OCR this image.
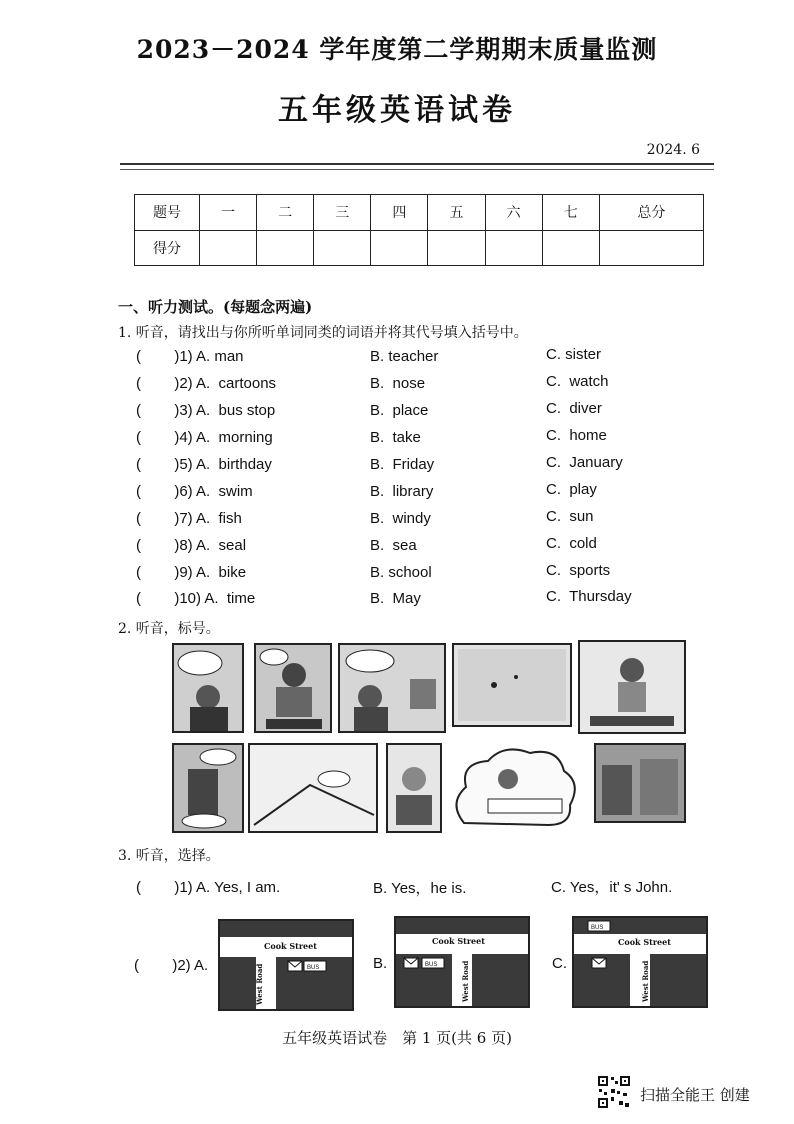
2023－2024 学年度第二学期期末质量监测
五年级英语试卷
2024. 6
题号	一	二	三	四	五	六	七	总分
得分								
一、听力测试。(每题念两遍)
1. 听音，请找出与你所听单词同类的词语并将其代号填入括号中。
(        )1) A. man	B. teacher	C. sister
(        )2) A.  cartoons	B.  nose	C.  watch
(        )3) A.  bus stop	B.  place	C.  diver
(        )4) A.  morning	B.  take	C.  home
(        )5) A.  birthday	B.  Friday	C.  January
(        )6) A.  swim	B.  library	C.  play
(        )7) A.  fish	B.  windy	C.  sun
(        )8) A.  seal	B.  sea	C.  cold
(        )9) A.  bike	B. school	C.  sports
(        )10) A.  time	B.  May	C.  Thursday
2. 听音，标号。
3. 听音，选择。
(        )1) A. Yes, I am.	B. Yes，he is.	C. Yes，it' s John.
(        )2) A.	B.	C.
Cook Street
West Road	BUS
Cook Street
West Road
BUS
BUS
Cook Street
West Road
五年级英语试卷　第 1 页(共 6 页)
扫描全能王 创建
